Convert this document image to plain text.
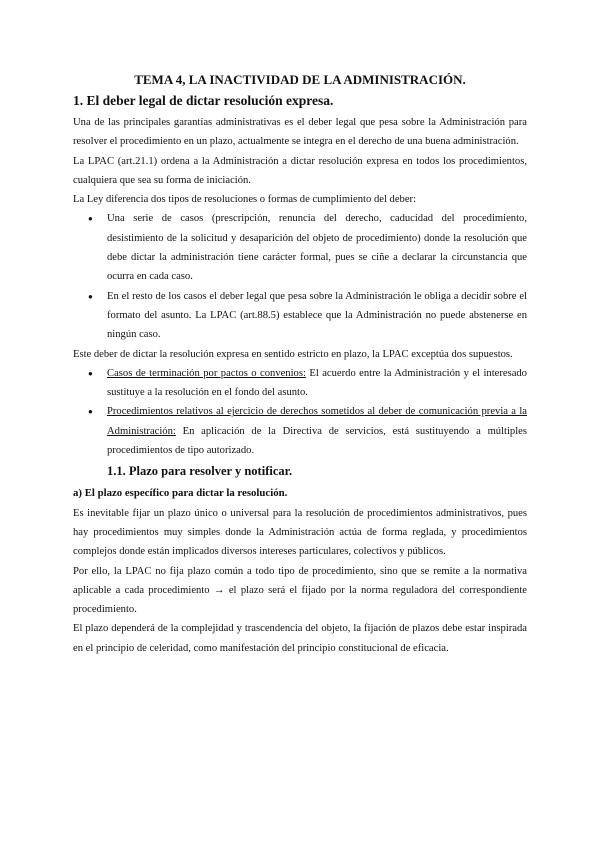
TEMA 4, LA INACTIVIDAD DE LA ADMINISTRACIÓN.
1. El deber legal de dictar resolución expresa.

Una de las principales garantías administrativas es el deber legal que pesa sobre la Administración para resolver el procedimiento en un plazo, actualmente se integra en el derecho de una buena administración.

La LPAC (art.21.1) ordena a la Administración a dictar resolución expresa en todos los procedimientos, cualquiera que sea su forma de iniciación.

La Ley diferencia dos tipos de resoluciones o formas de cumplimiento del deber:

● Una serie de casos (prescripción, renuncia del derecho, caducidad del procedimiento, desistimiento de la solicitud y desaparición del objeto de procedimiento) donde la resolución que debe dictar la administración tiene carácter formal, pues se ciñe a declarar la circunstancia que ocurra en cada caso.
● En el resto de los casos el deber legal que pesa sobre la Administración le obliga a decidir sobre el formato del asunto. La LPAC (art.88.5) establece que la Administración no puede abstenerse en ningún caso.

Este deber de dictar la resolución expresa en sentido estricto en plazo, la LPAC exceptúa dos supuestos.

● Casos de terminación por pactos o convenios: El acuerdo entre la Administración y el interesado sustituye a la resolución en el fondo del asunto.
● Procedimientos relativos al ejercicio de derechos sometidos al deber de comunicación previa a la Administración: En aplicación de la Directiva de servicios, está sustituyendo a múltiples procedimientos de tipo autorizado.
1.1. Plazo para resolver y notificar.
a) El plazo específico para dictar la resolución.

Es inevitable fijar un plazo único o universal para la resolución de procedimientos administrativos, pues hay procedimientos muy simples donde la Administración actúa de forma reglada, y procedimientos complejos donde están implicados diversos intereses particulares, colectivos y públicos.

Por ello, la LPAC no fija plazo común a todo tipo de procedimiento, sino que se remite a la normativa aplicable a cada procedimiento → el plazo será el fijado por la norma reguladora del correspondiente procedimiento.

El plazo dependerá de la complejidad y trascendencia del objeto, la fijación de plazos debe estar inspirada en el principio de celeridad, como manifestación del principio constitucional de eficacia.
